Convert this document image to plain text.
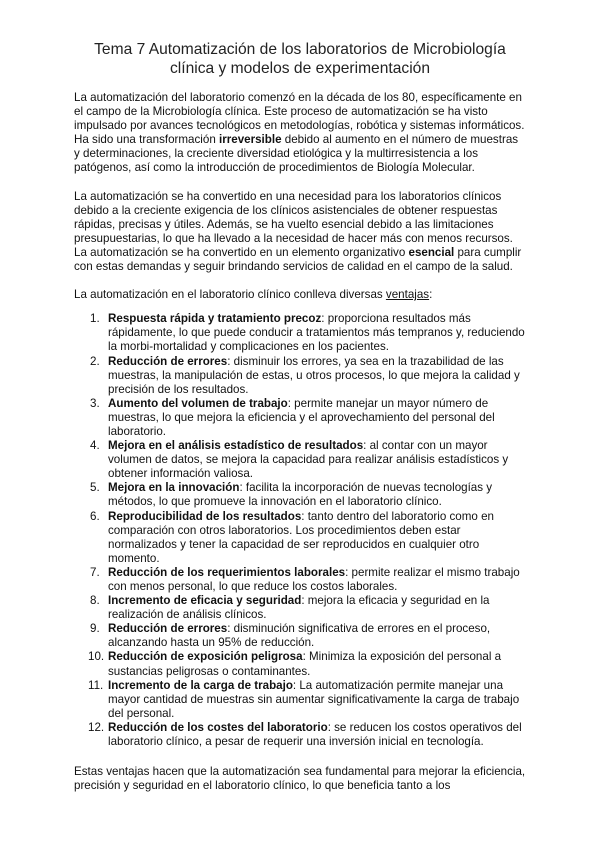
Tema 7 Automatización de los laboratorios de Microbiología clínica y modelos de experimentación

La automatización del laboratorio comenzó en la década de los 80, específicamente en el campo de la Microbiología clínica. Este proceso de automatización se ha visto impulsado por avances tecnológicos en metodologías, robótica y sistemas informáticos. Ha sido una transformación irreversible debido al aumento en el número de muestras y determinaciones, la creciente diversidad etiológica y la multirresistencia a los patógenos, así como la introducción de procedimientos de Biología Molecular.

La automatización se ha convertido en una necesidad para los laboratorios clínicos debido a la creciente exigencia de los clínicos asistenciales de obtener respuestas rápidas, precisas y útiles. Además, se ha vuelto esencial debido a las limitaciones presupuestarias, lo que ha llevado a la necesidad de hacer más con menos recursos. La automatización se ha convertido en un elemento organizativo esencial para cumplir con estas demandas y seguir brindando servicios de calidad en el campo de la salud.

La automatización en el laboratorio clínico conlleva diversas ventajas:

1. Respuesta rápida y tratamiento precoz: proporciona resultados más rápidamente, lo que puede conducir a tratamientos más tempranos y, reduciendo la morbi-mortalidad y complicaciones en los pacientes.
2. Reducción de errores: disminuir los errores, ya sea en la trazabilidad de las muestras, la manipulación de estas, u otros procesos, lo que mejora la calidad y precisión de los resultados.
3. Aumento del volumen de trabajo: permite manejar un mayor número de muestras, lo que mejora la eficiencia y el aprovechamiento del personal del laboratorio.
4. Mejora en el análisis estadístico de resultados: al contar con un mayor volumen de datos, se mejora la capacidad para realizar análisis estadísticos y obtener información valiosa.
5. Mejora en la innovación: facilita la incorporación de nuevas tecnologías y métodos, lo que promueve la innovación en el laboratorio clínico.
6. Reproducibilidad de los resultados: tanto dentro del laboratorio como en comparación con otros laboratorios. Los procedimientos deben estar normalizados y tener la capacidad de ser reproducidos en cualquier otro momento.
7. Reducción de los requerimientos laborales: permite realizar el mismo trabajo con menos personal, lo que reduce los costos laborales.
8. Incremento de eficacia y seguridad: mejora la eficacia y seguridad en la realización de análisis clínicos.
9. Reducción de errores: disminución significativa de errores en el proceso, alcanzando hasta un 95% de reducción.
10. Reducción de exposición peligrosa: Minimiza la exposición del personal a sustancias peligrosas o contaminantes.
11. Incremento de la carga de trabajo: La automatización permite manejar una mayor cantidad de muestras sin aumentar significativamente la carga de trabajo del personal.
12. Reducción de los costes del laboratorio: se reducen los costos operativos del laboratorio clínico, a pesar de requerir una inversión inicial en tecnología.

Estas ventajas hacen que la automatización sea fundamental para mejorar la eficiencia, precisión y seguridad en el laboratorio clínico, lo que beneficia tanto a los
